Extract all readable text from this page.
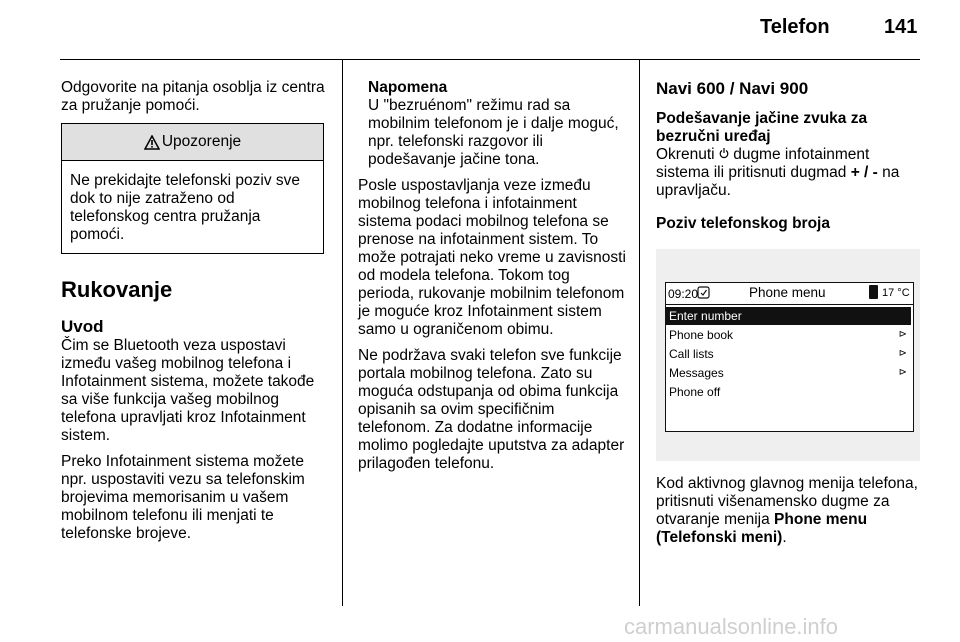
Telefon	141

Odgovorite na pitanja osoblja iz centra za pružanje pomoći.

Upozorenje
Ne prekidajte telefonski poziv sve dok to nije zatraženo od telefonskog centra pružanja pomoći.
Rukovanje
Uvod

Čim se Bluetooth veza uspostavi između vašeg mobilnog telefona i Infotainment sistema, možete takođe sa više funkcija vašeg mobilnog telefona upravljati kroz Infotainment sistem.

Preko Infotainment sistema možete npr. uspostaviti vezu sa telefonskim brojevima memorisanim u vašem mobilnom telefonu ili menjati te telefonske brojeve.

Napomena

U "bezruénom" režimu rad sa mobilnim telefonom je i dalje moguć, npr. telefonski razgovor ili podešavanje jačine tona.

Posle uspostavljanja veze između mobilnog telefona i infotainment sistema podaci mobilnog telefona se prenose na infotainment sistem. To može potrajati neko vreme u zavisnosti od modela telefona. Tokom tog perioda, rukovanje mobilnim telefonom je moguće kroz Infotainment sistem samo u ograničenom obimu.

Ne podržava svaki telefon sve funkcije portala mobilnog telefona. Zato su moguća odstupanja od obima funkcija opisanih sa ovim specifičnim telefonom. Za dodatne informacije molimo pogledajte uputstva za adapter prilagođen telefonu.

Navi 600 / Navi 900
Podešavanje jačine zvuka za bezručni uređaj

Okrenuti  dugme infotainment sistema ili pritisnuti dugmad + / - na upravljaču.

Poziv telefonskog broja
09:20	Phone menu	17 °C
Enter number
Phone book	⊳
Call lists	⊳
Messages	⊳
Phone off

Kod aktivnog glavnog menija telefona, pritisnuti višenamensko dugme za otvaranje menija Phone menu (Telefonski meni).

carmanualsonline.info
